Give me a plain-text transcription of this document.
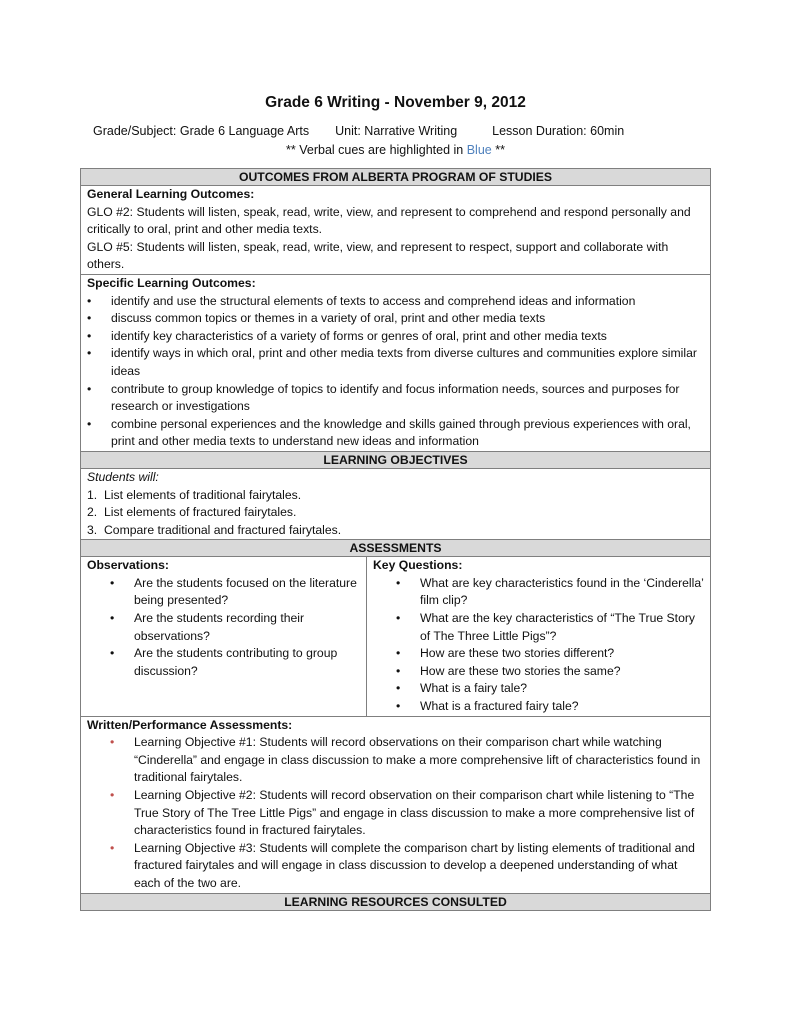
Grade 6 Writing - November 9, 2012
Grade/Subject: Grade 6 Language Arts Unit: Narrative Writing	Lesson Duration: 60min
** Verbal cues are highlighted in Blue **
OUTCOMES FROM ALBERTA PROGRAM OF STUDIES

General Learning Outcomes:
GLO #2: Students will listen, speak, read, write, view, and represent to comprehend and respond personally and critically to oral, print and other media texts.
GLO #5: Students will listen, speak, read, write, view, and represent to respect, support and collaborate with others.

Specific Learning Outcomes:
• identify and use the structural elements of texts to access and comprehend ideas and information
• discuss common topics or themes in a variety of oral, print and other media texts
• identify key characteristics of a variety of forms or genres of oral, print and other media texts
• identify ways in which oral, print and other media texts from diverse cultures and communities explore similar ideas
• contribute to group knowledge of topics to identify and focus information needs, sources and purposes for research or investigations
• combine personal experiences and the knowledge and skills gained through previous experiences with oral, print and other media texts to understand new ideas and information

LEARNING OBJECTIVES

Students will:
1. List elements of traditional fairytales.
2. List elements of fractured fairytales.
3. Compare traditional and fractured fairytales.

ASSESSMENTS

Observations:
• Are the students focused on the literature being presented?
• Are the students recording their observations?
• Are the students contributing to group discussion?

Key Questions:
• What are key characteristics found in the ‘Cinderella’ film clip?
• What are the key characteristics of “The True Story of The Three Little Pigs”?
• How are these two stories different?
• How are these two stories the same?
• What is a fairy tale?
• What is a fractured fairy tale?

Written/Performance Assessments:
• Learning Objective #1: Students will record observations on their comparison chart while watching “Cinderella” and engage in class discussion to make a more comprehensive lift of characteristics found in traditional fairytales.
• Learning Objective #2: Students will record observation on their comparison chart while listening to “The True Story of The Tree Little Pigs” and engage in class discussion to make a more comprehensive list of characteristics found in fractured fairytales.
• Learning Objective #3: Students will complete the comparison chart by listing elements of traditional and fractured fairytales and will engage in class discussion to develop a deepened understanding of what each of the two are.

LEARNING RESOURCES CONSULTED
